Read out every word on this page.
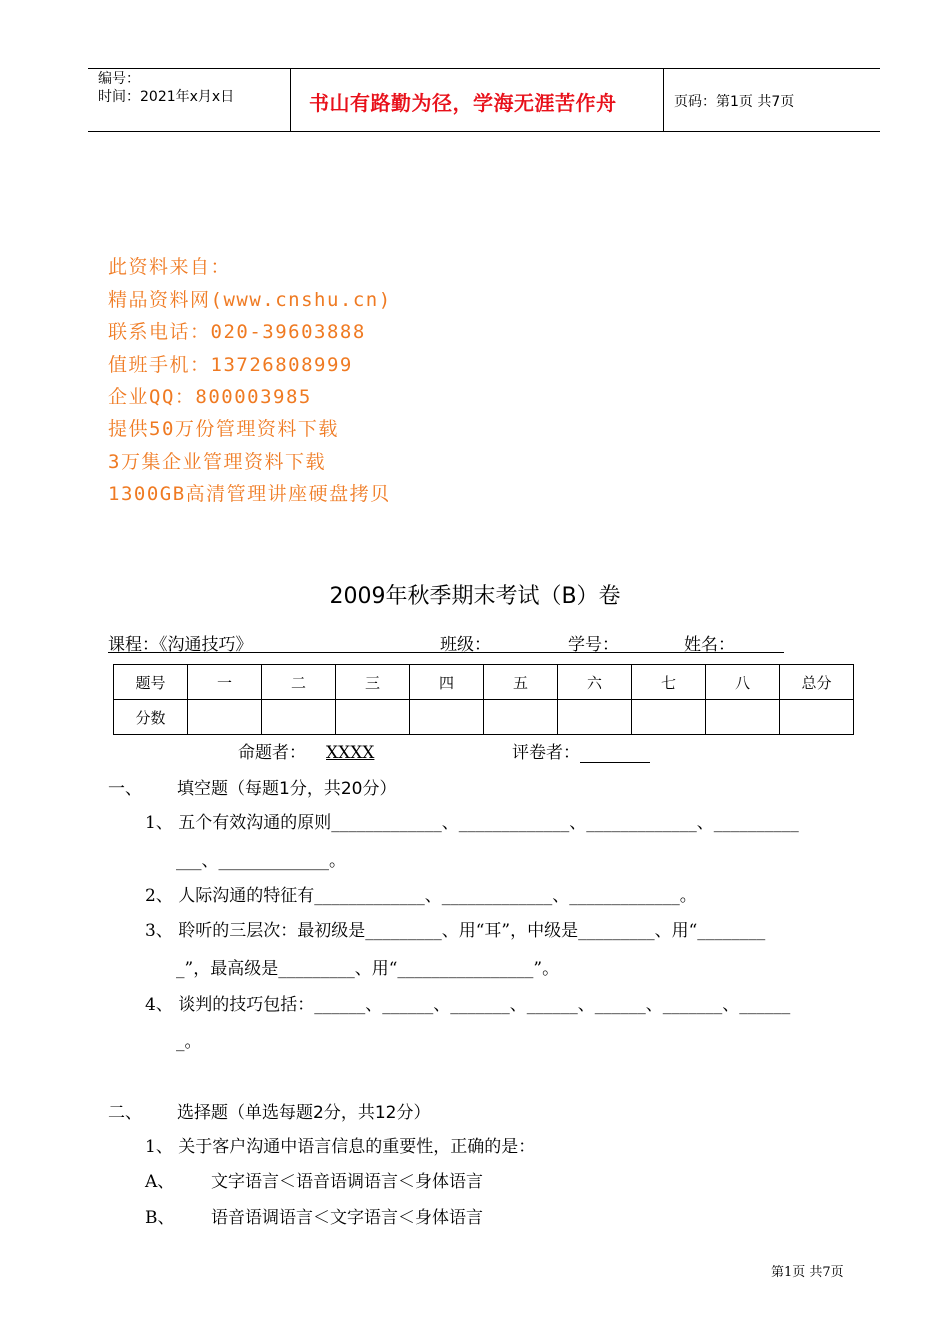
编号：
时间：2021年x月x日	书山有路勤为径，学海无涯苦作舟	页码：第1页 共7页
此资料来自：
精品资料网(www.cnshu.cn)
联系电话：020-39603888
值班手机：13726808999
企业QQ：800003985
提供50万份管理资料下载
3万集企业管理资料下载
1300GB高清管理讲座硬盘拷贝
2009年秋季期末考试（B）卷
课程：《沟通技巧》	班级：	学号：	姓名：
题号	一	二	三	四	五	六	七	八	总分
分数									
命题者： XXXX	评卷者：
一、 填空题（每题1分，共20分）
1、 五个有效沟通的原则_____________、_____________、_____________、__________
___、_____________。
2、 人际沟通的特征有_____________、_____________、_____________。
3、 聆听的三层次：最初级是_________、用“耳”，中级是_________、用“________
_”，最高级是_________、用“________________”。
4、 谈判的技巧包括：______、______、_______、______、______、_______、______
_。
二、 选择题（单选每题2分，共12分）
1、 关于客户沟通中语言信息的重要性，正确的是：
A、 文字语言＜语音语调语言＜身体语言
B、 语音语调语言＜文字语言＜身体语言
第1页 共7页
